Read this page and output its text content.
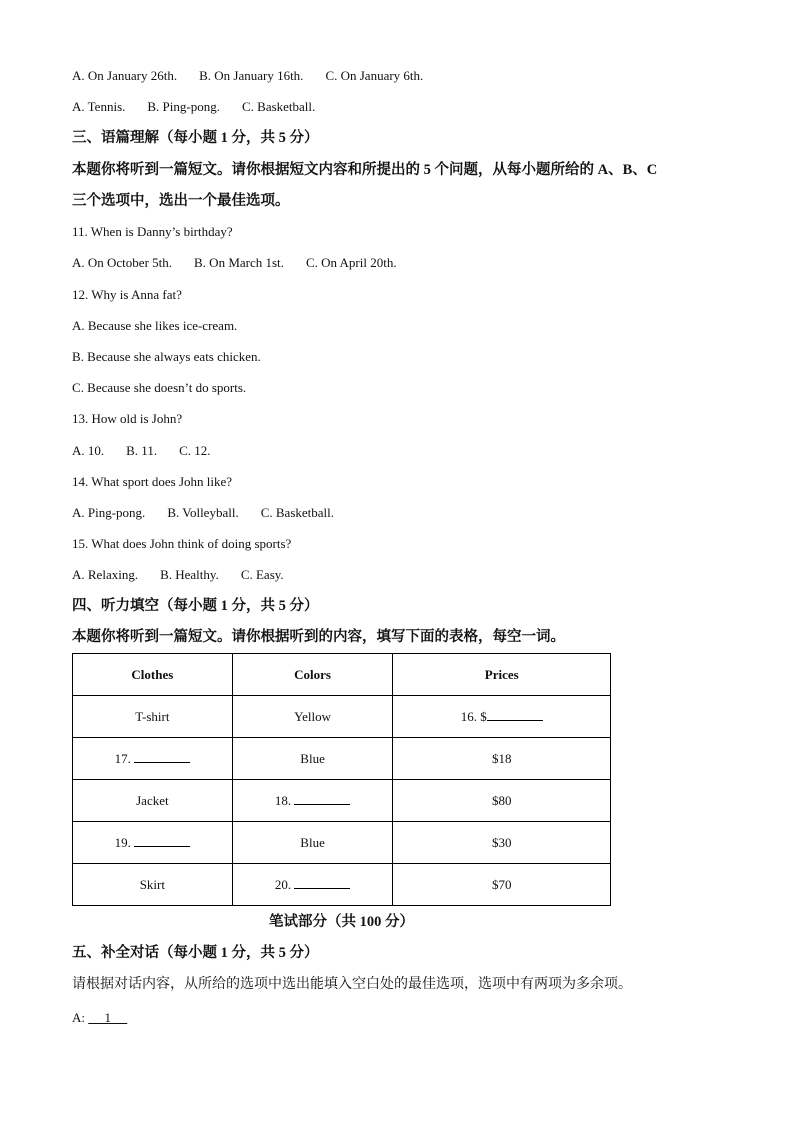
A. On January 26th. B. On January 16th. C. On January 6th.
A. Tennis. B. Ping-pong. C. Basketball.
三、语篇理解（每小题 1 分，共 5 分）
本题你将听到一篇短文。请你根据短文内容和所提出的 5 个问题，从每小题所给的 A、B、C
三个选项中，选出一个最佳选项。
11. When is Danny’s birthday?
A. On October 5th. B. On March 1st. C. On April 20th.
12. Why is Anna fat?
A. Because she likes ice-cream.
B. Because she always eats chicken.
C. Because she doesn’t do sports.
13. How old is John?
A. 10. B. 11. C. 12.
14. What sport does John like?
A. Ping-pong. B. Volleyball. C. Basketball.
15. What does John think of doing sports?
A. Relaxing. B. Healthy. C. Easy.
四、听力填空（每小题 1 分，共 5 分）
本题你将听到一篇短文。请你根据听到的内容，填写下面的表格，每空一词。
Clothes	Colors	Prices
T-shirt	Yellow	16. $
17.	Blue	$18
Jacket	18.	$80
19.	Blue	$30
Skirt	20.	$70
笔试部分（共 100 分）
五、补全对话（每小题 1 分，共 5 分）
请根据对话内容，从所给的选项中选出能填入空白处的最佳选项，选项中有两项为多余项。
A: 1
